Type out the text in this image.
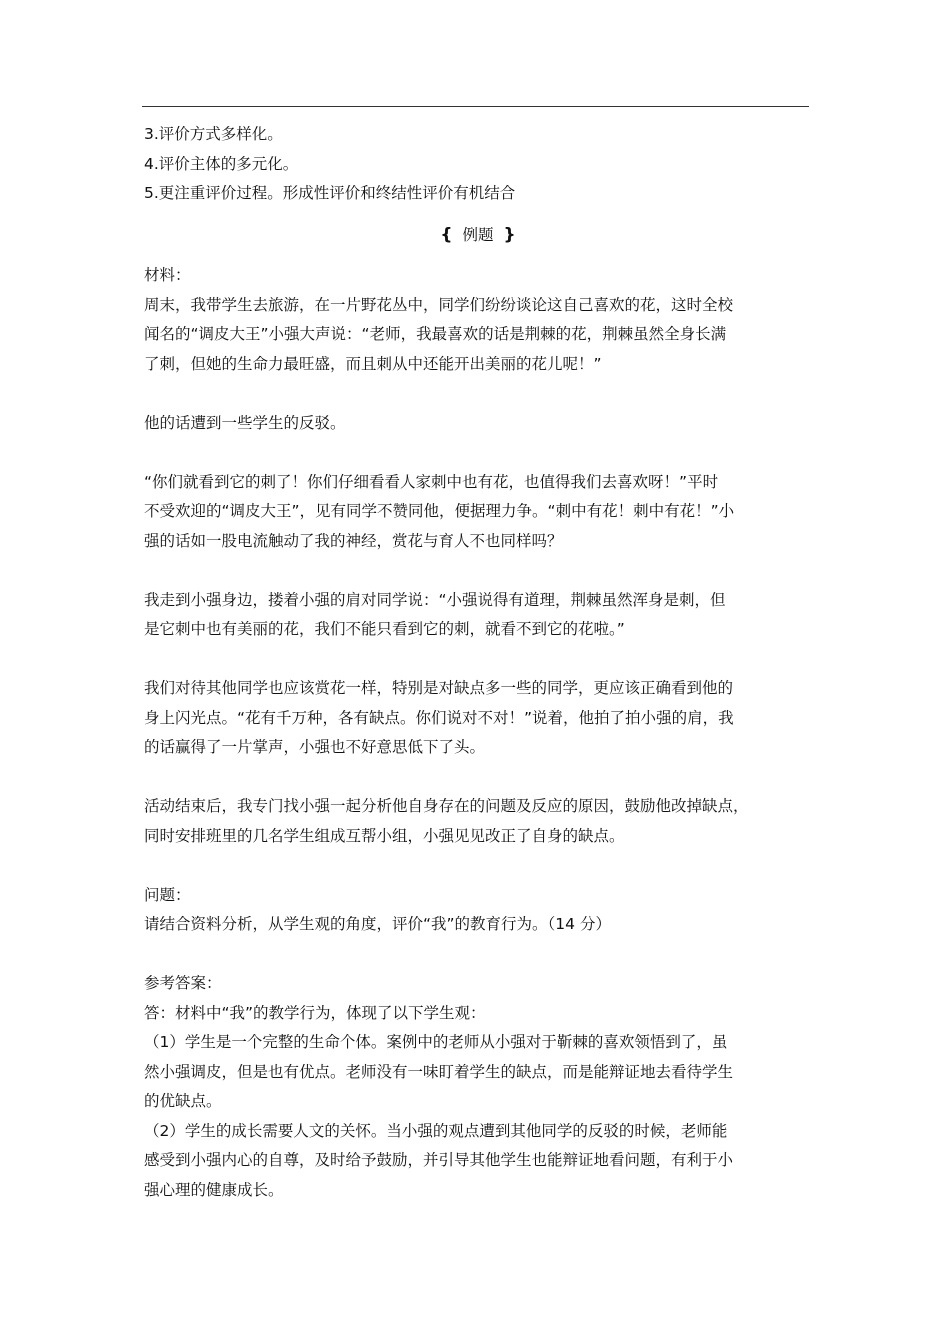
3.评价方式多样化。
4.评价主体的多元化。
5.更注重评价过程。形成性评价和终结性评价有机结合
{ 例题 }
材料：
周末，我带学生去旅游，在一片野花丛中，同学们纷纷谈论这自己喜欢的花，这时全校
闻名的“调皮大王”小强大声说：“老师，我最喜欢的话是荆棘的花，荆棘虽然全身长满
了刺，但她的生命力最旺盛，而且刺从中还能开出美丽的花儿呢！”
他的话遭到一些学生的反驳。
“你们就看到它的刺了！你们仔细看看人家刺中也有花，也值得我们去喜欢呀！”平时
不受欢迎的“调皮大王”，见有同学不赞同他，便据理力争。“刺中有花！刺中有花！”小
强的话如一股电流触动了我的神经，赏花与育人不也同样吗？
我走到小强身边，搂着小强的肩对同学说：“小强说得有道理，荆棘虽然浑身是刺，但
是它刺中也有美丽的花，我们不能只看到它的刺，就看不到它的花啦。”
我们对待其他同学也应该赏花一样，特别是对缺点多一些的同学，更应该正确看到他的
身上闪光点。“花有千万种，各有缺点。你们说对不对！”说着，他拍了拍小强的肩，我
的话赢得了一片掌声，小强也不好意思低下了头。
活动结束后，我专门找小强一起分析他自身存在的问题及反应的原因，鼓励他改掉缺点，
同时安排班里的几名学生组成互帮小组，小强见见改正了自身的缺点。
问题：
请结合资料分析，从学生观的角度，评价“我”的教育行为。（14 分）
参考答案：
答：材料中“我”的教学行为，体现了以下学生观：
（1）学生是一个完整的生命个体。案例中的老师从小强对于靳棘的喜欢领悟到了，虽
然小强调皮，但是也有优点。老师没有一味盯着学生的缺点，而是能辩证地去看待学生
的优缺点。
（2）学生的成长需要人文的关怀。当小强的观点遭到其他同学的反驳的时候，老师能
感受到小强内心的自尊，及时给予鼓励，并引导其他学生也能辩证地看问题，有利于小
强心理的健康成长。
